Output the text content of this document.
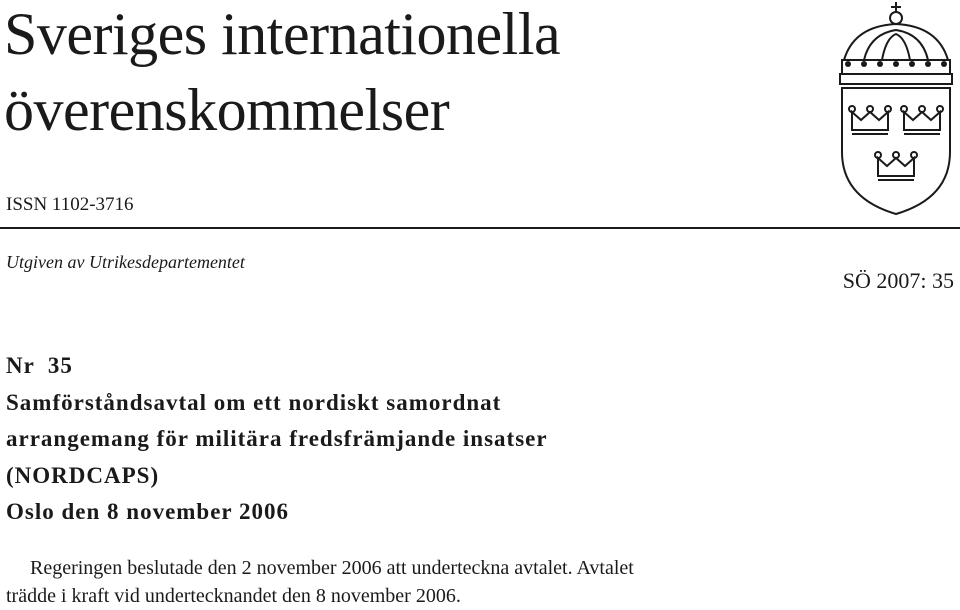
Sveriges internationella
överenskommelser
ISSN 1102-3716
Utgiven av Utrikesdepartementet
SÖ 2007: 35
Nr  35
Samförståndsavtal om ett nordiskt samordnat
arrangemang för militära fredsfrämjande insatser
(NORDCAPS)
Oslo den 8 november 2006
Regeringen beslutade den 2 november 2006 att underteckna avtalet. Avtalet
trädde i kraft vid undertecknandet den 8 november 2006.
